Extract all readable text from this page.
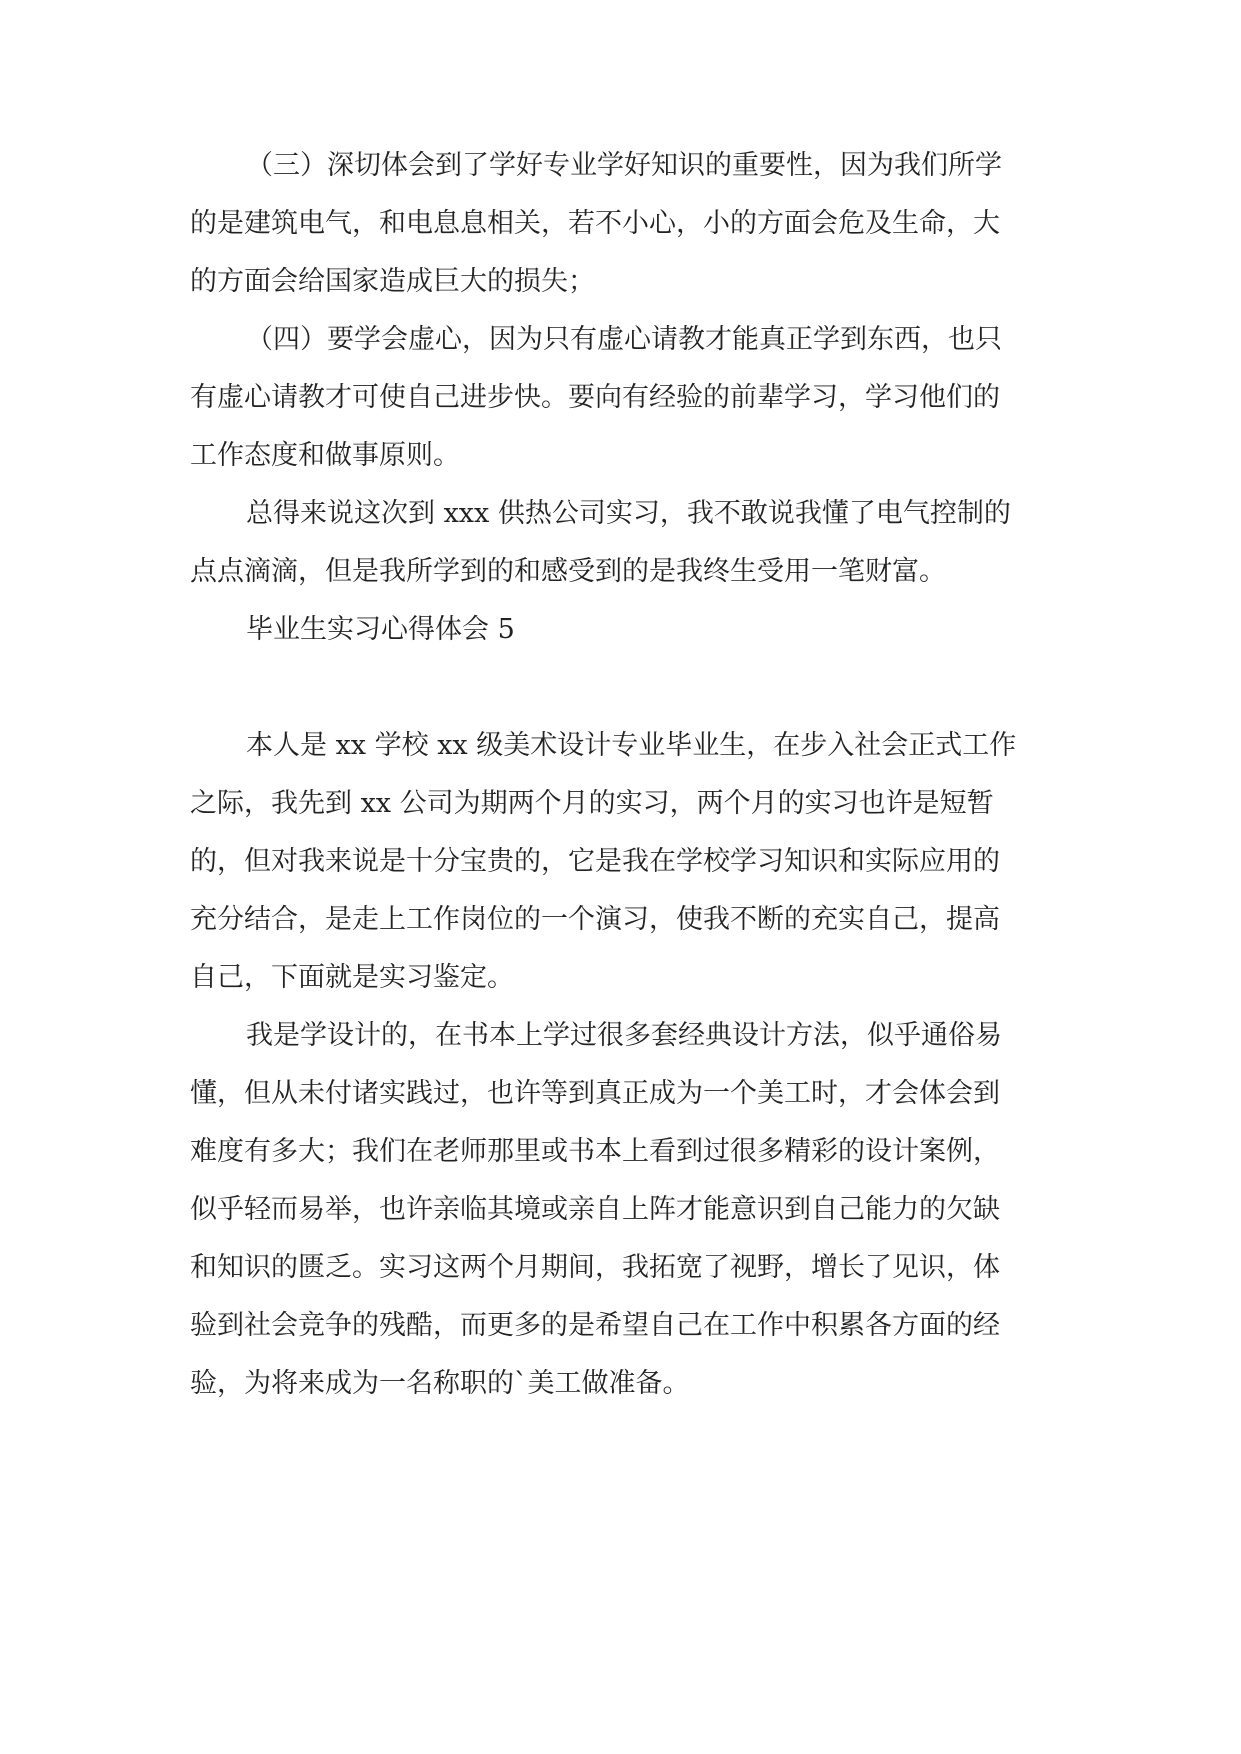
（三）深切体会到了学好专业学好知识的重要性，因为我们所学
的是建筑电气，和电息息相关，若不小心，小的方面会危及生命，大
的方面会给国家造成巨大的损失；
（四）要学会虚心，因为只有虚心请教才能真正学到东西，也只
有虚心请教才可使自己进步快。要向有经验的前辈学习，学习他们的
工作态度和做事原则。
总得来说这次到 xxx 供热公司实习，我不敢说我懂了电气控制的
点点滴滴，但是我所学到的和感受到的是我终生受用一笔财富。
毕业生实习心得体会 5
本人是 xx 学校 xx 级美术设计专业毕业生，在步入社会正式工作
之际，我先到 xx 公司为期两个月的实习，两个月的实习也许是短暂
的，但对我来说是十分宝贵的，它是我在学校学习知识和实际应用的
充分结合，是走上工作岗位的一个演习，使我不断的充实自己，提高
自己，下面就是实习鉴定。
我是学设计的，在书本上学过很多套经典设计方法，似乎通俗易
懂，但从未付诸实践过，也许等到真正成为一个美工时，才会体会到
难度有多大；我们在老师那里或书本上看到过很多精彩的设计案例，
似乎轻而易举，也许亲临其境或亲自上阵才能意识到自己能力的欠缺
和知识的匮乏。实习这两个月期间，我拓宽了视野，增长了见识，体
验到社会竞争的残酷，而更多的是希望自己在工作中积累各方面的经
验，为将来成为一名称职的`美工做准备。
